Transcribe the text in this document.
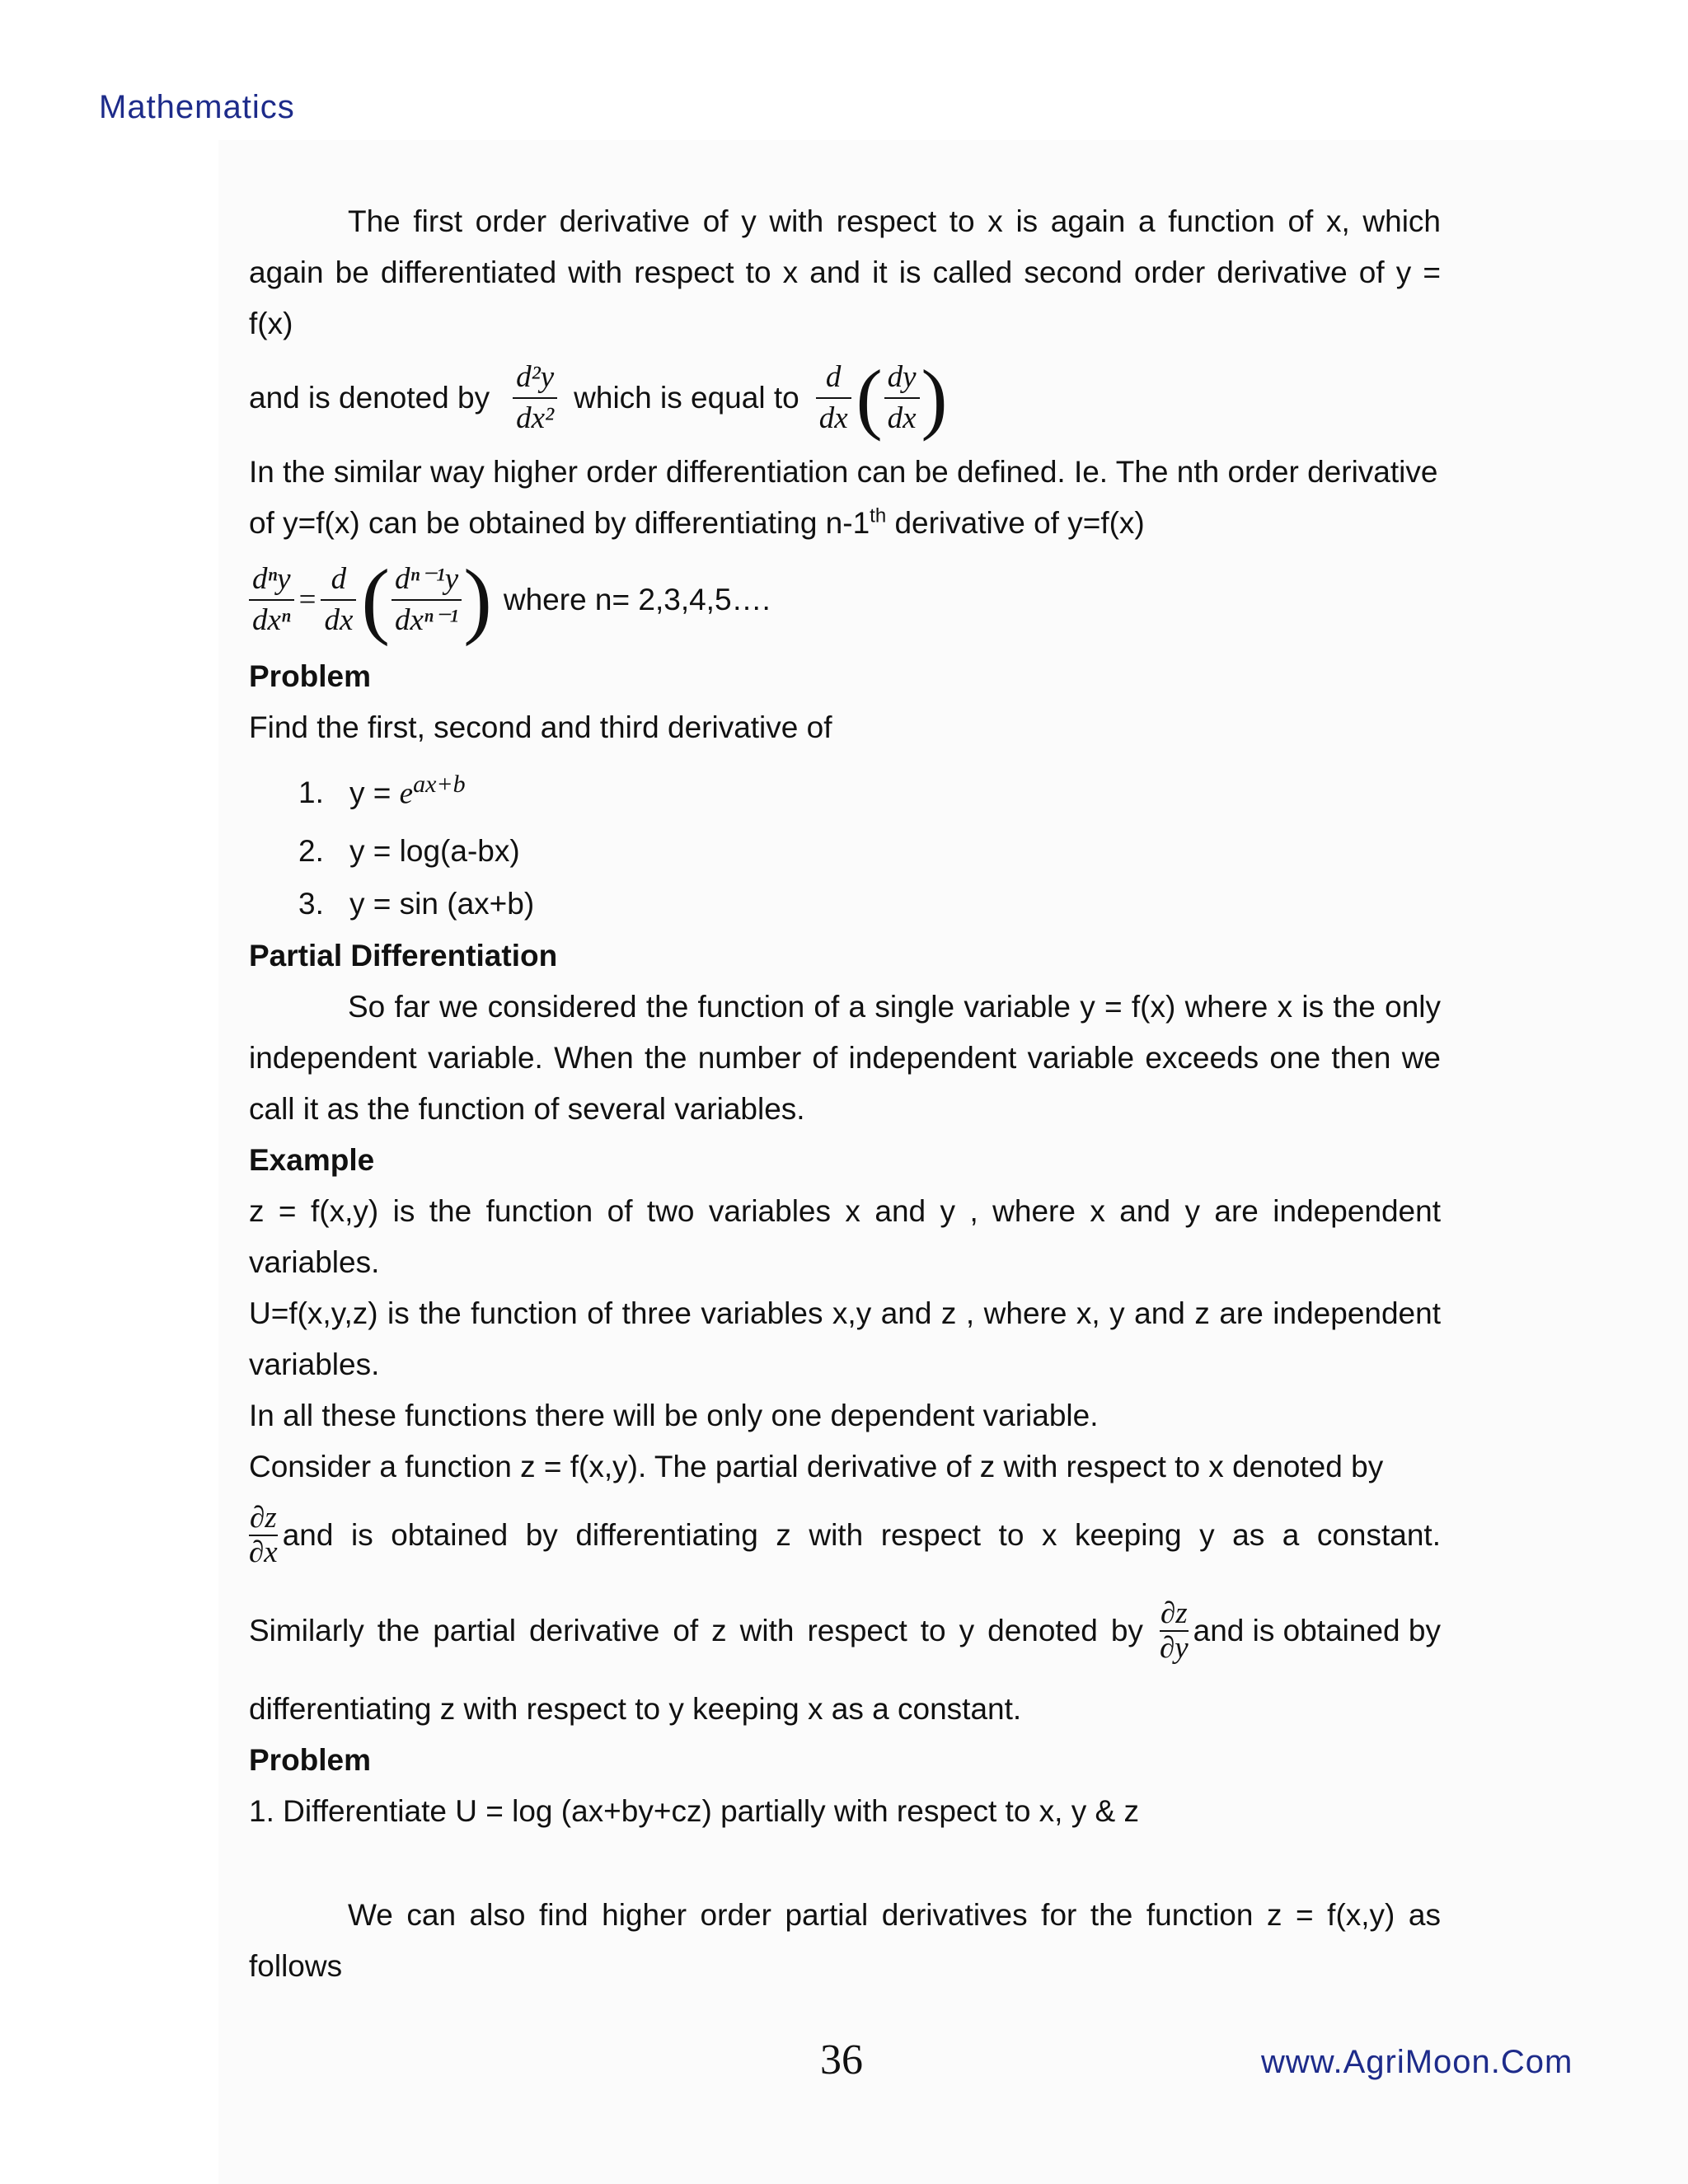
Mathematics
The first order derivative of y with respect to x is again a function of x, which again be differentiated with respect to x and it is called second order derivative of y = f(x)
and is denoted by $\frac{\text{d²y}}{\text{dx²}}$ which is equal to $\frac{d}{dx}$ ( $\frac{dy}{dx}$ )
In the similar way higher order differentiation can be defined. Ie. The nth order derivative
of y=f(x) can be obtained by differentiating n-1th derivative of y=f(x)
$\frac{\text{dⁿy}}{\text{dxⁿ}} = \frac{d}{dx}$ ( $\frac{\text{dⁿ⁻¹y}}{\text{dxⁿ⁻¹}}$ ) where n= 2,3,4,5….
Problem
Find the first, second and third derivative of
1. $y = e^{ax+b}$
2. y = log(a-bx)
3. y = sin (ax+b)
Partial Differentiation
So far we considered the function of a single variable y = f(x) where x is the only independent variable. When the number of independent variable exceeds one then we call it as the function of several variables.
Example
z = f(x,y) is the function of two variables x and y , where x and y are independent variables.
U=f(x,y,z) is the function of three variables x,y and z , where x, y and z are independent variables.
In all these functions there will be only one dependent variable.
Consider a function z = f(x,y). The partial derivative of z with respect to x denoted by
$\frac{\partial z}{\partial x}$ and is obtained by differentiating z with respect to x keeping y as a constant.
Similarly the partial derivative of z with respect to y denoted by $\frac{\partial z}{\partial y}$ and is obtained by
differentiating z with respect to y keeping x as a constant.
Problem
1. Differentiate U = log (ax+by+cz) partially with respect to x, y & z
We can also find higher order partial derivatives for the function z = f(x,y) as follows
36	www.AgriMoon.Com
